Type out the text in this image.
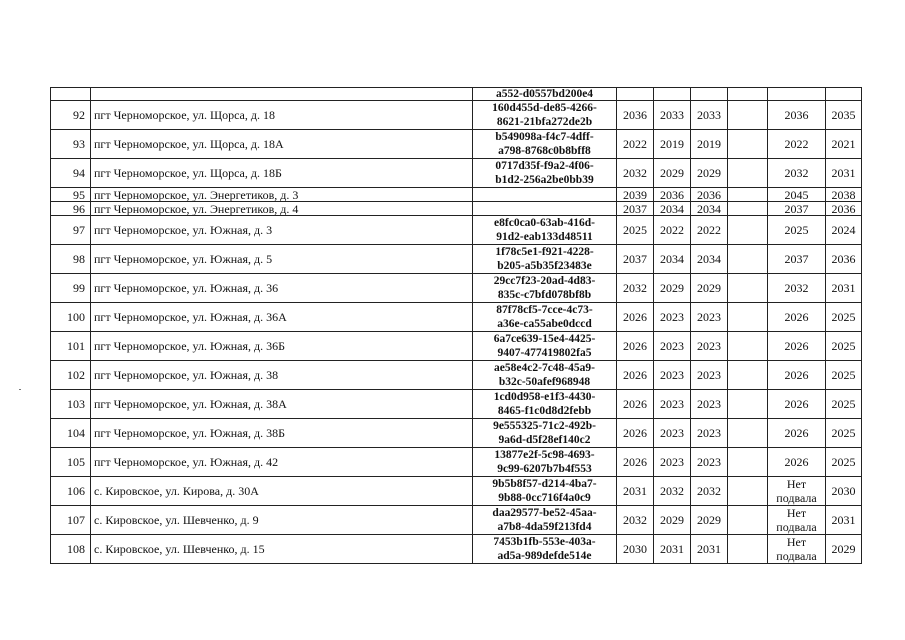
		a552-d0557bd200e4						
92	пгт Черноморское, ул. Щорса, д. 18	160d455d-de85-4266-
8621-21bfa272de2b	2036	2033	2033		2036	2035
93	пгт Черноморское, ул. Щорса, д. 18А	b549098a-f4c7-4dff-
a798-8768c0b8bff8	2022	2019	2019		2022	2021
94	пгт Черноморское, ул. Щорса, д. 18Б	0717d35f-f9a2-4f06-
b1d2-256a2be0bb39	2032	2029	2029		2032	2031
95	пгт Черноморское, ул. Энергетиков, д. 3		2039	2036	2036		2045	2038
96	пгт Черноморское, ул. Энергетиков, д. 4		2037	2034	2034		2037	2036
97	пгт Черноморское, ул. Южная, д. 3	e8fc0ca0-63ab-416d-
91d2-eab133d48511	2025	2022	2022		2025	2024
98	пгт Черноморское, ул. Южная, д. 5	1f78c5e1-f921-4228-
b205-a5b35f23483e	2037	2034	2034		2037	2036
99	пгт Черноморское, ул. Южная, д. 36	29cc7f23-20ad-4d83-
835c-c7bfd078bf8b	2032	2029	2029		2032	2031
100	пгт Черноморское, ул. Южная, д. 36А	87f78cf5-7cce-4c73-
a36e-ca55abe0dccd	2026	2023	2023		2026	2025
101	пгт Черноморское, ул. Южная, д. 36Б	6a7ce639-15e4-4425-
9407-477419802fa5	2026	2023	2023		2026	2025
102	пгт Черноморское, ул. Южная, д. 38	ae58e4c2-7c48-45a9-
b32c-50afef968948	2026	2023	2023		2026	2025
103	пгт Черноморское, ул. Южная, д. 38А	1cd0d958-e1f3-4430-
8465-f1c0d8d2febb	2026	2023	2023		2026	2025
104	пгт Черноморское, ул. Южная, д. 38Б	9e555325-71c2-492b-
9a6d-d5f28ef140c2	2026	2023	2023		2026	2025
105	пгт Черноморское, ул. Южная, д. 42	13877e2f-5c98-4693-
9c99-6207b7b4f553	2026	2023	2023		2026	2025
106	с. Кировское, ул. Кирова, д. 30А	9b5b8f57-d214-4ba7-
9b88-0cc716f4a0c9	2031	2032	2032		Нет подвала	2030
107	с. Кировское, ул. Шевченко, д. 9	daa29577-be52-45aa-
a7b8-4da59f213fd4	2032	2029	2029		Нет подвала	2031
108	с. Кировское, ул. Шевченко, д. 15	7453b1fb-553e-403a-
ad5a-989defde514e	2030	2031	2031		Нет подвала	2029
